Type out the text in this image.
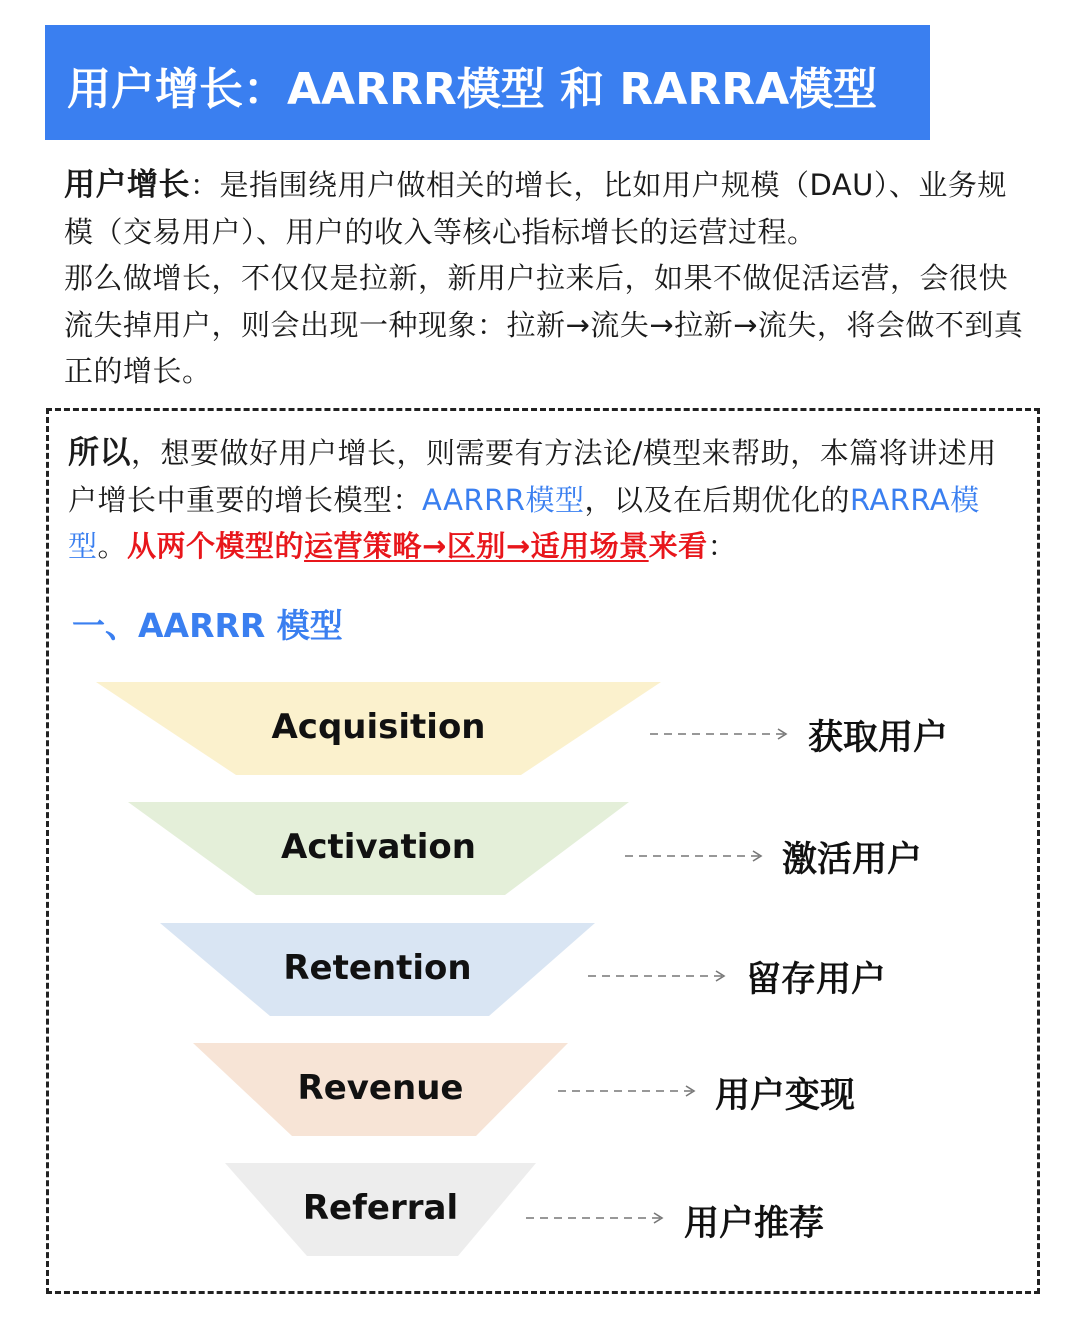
用户增长：AARRR模型 和 RARRA模型

用户增长：是指围绕用户做相关的增长，比如用户规模（DAU）、业务规模（交易用户）、用户的收入等核心指标增长的运营过程。

那么做增长，不仅仅是拉新，新用户拉来后，如果不做促活运营，会很快流失掉用户，则会出现一种现象：拉新→流失→拉新→流失，将会做不到真正的增长。

所以，想要做好用户增长，则需要有方法论/模型来帮助，本篇将讲述用户增长中重要的增长模型：AARRR模型，以及在后期优化的RARRA模型。从两个模型的运营策略→区别→适用场景来看：

一、AARRR 模型
Acquisition	获取用户
Activation	激活用户
Retention	留存用户
Revenue	用户变现
Referral	用户推荐
